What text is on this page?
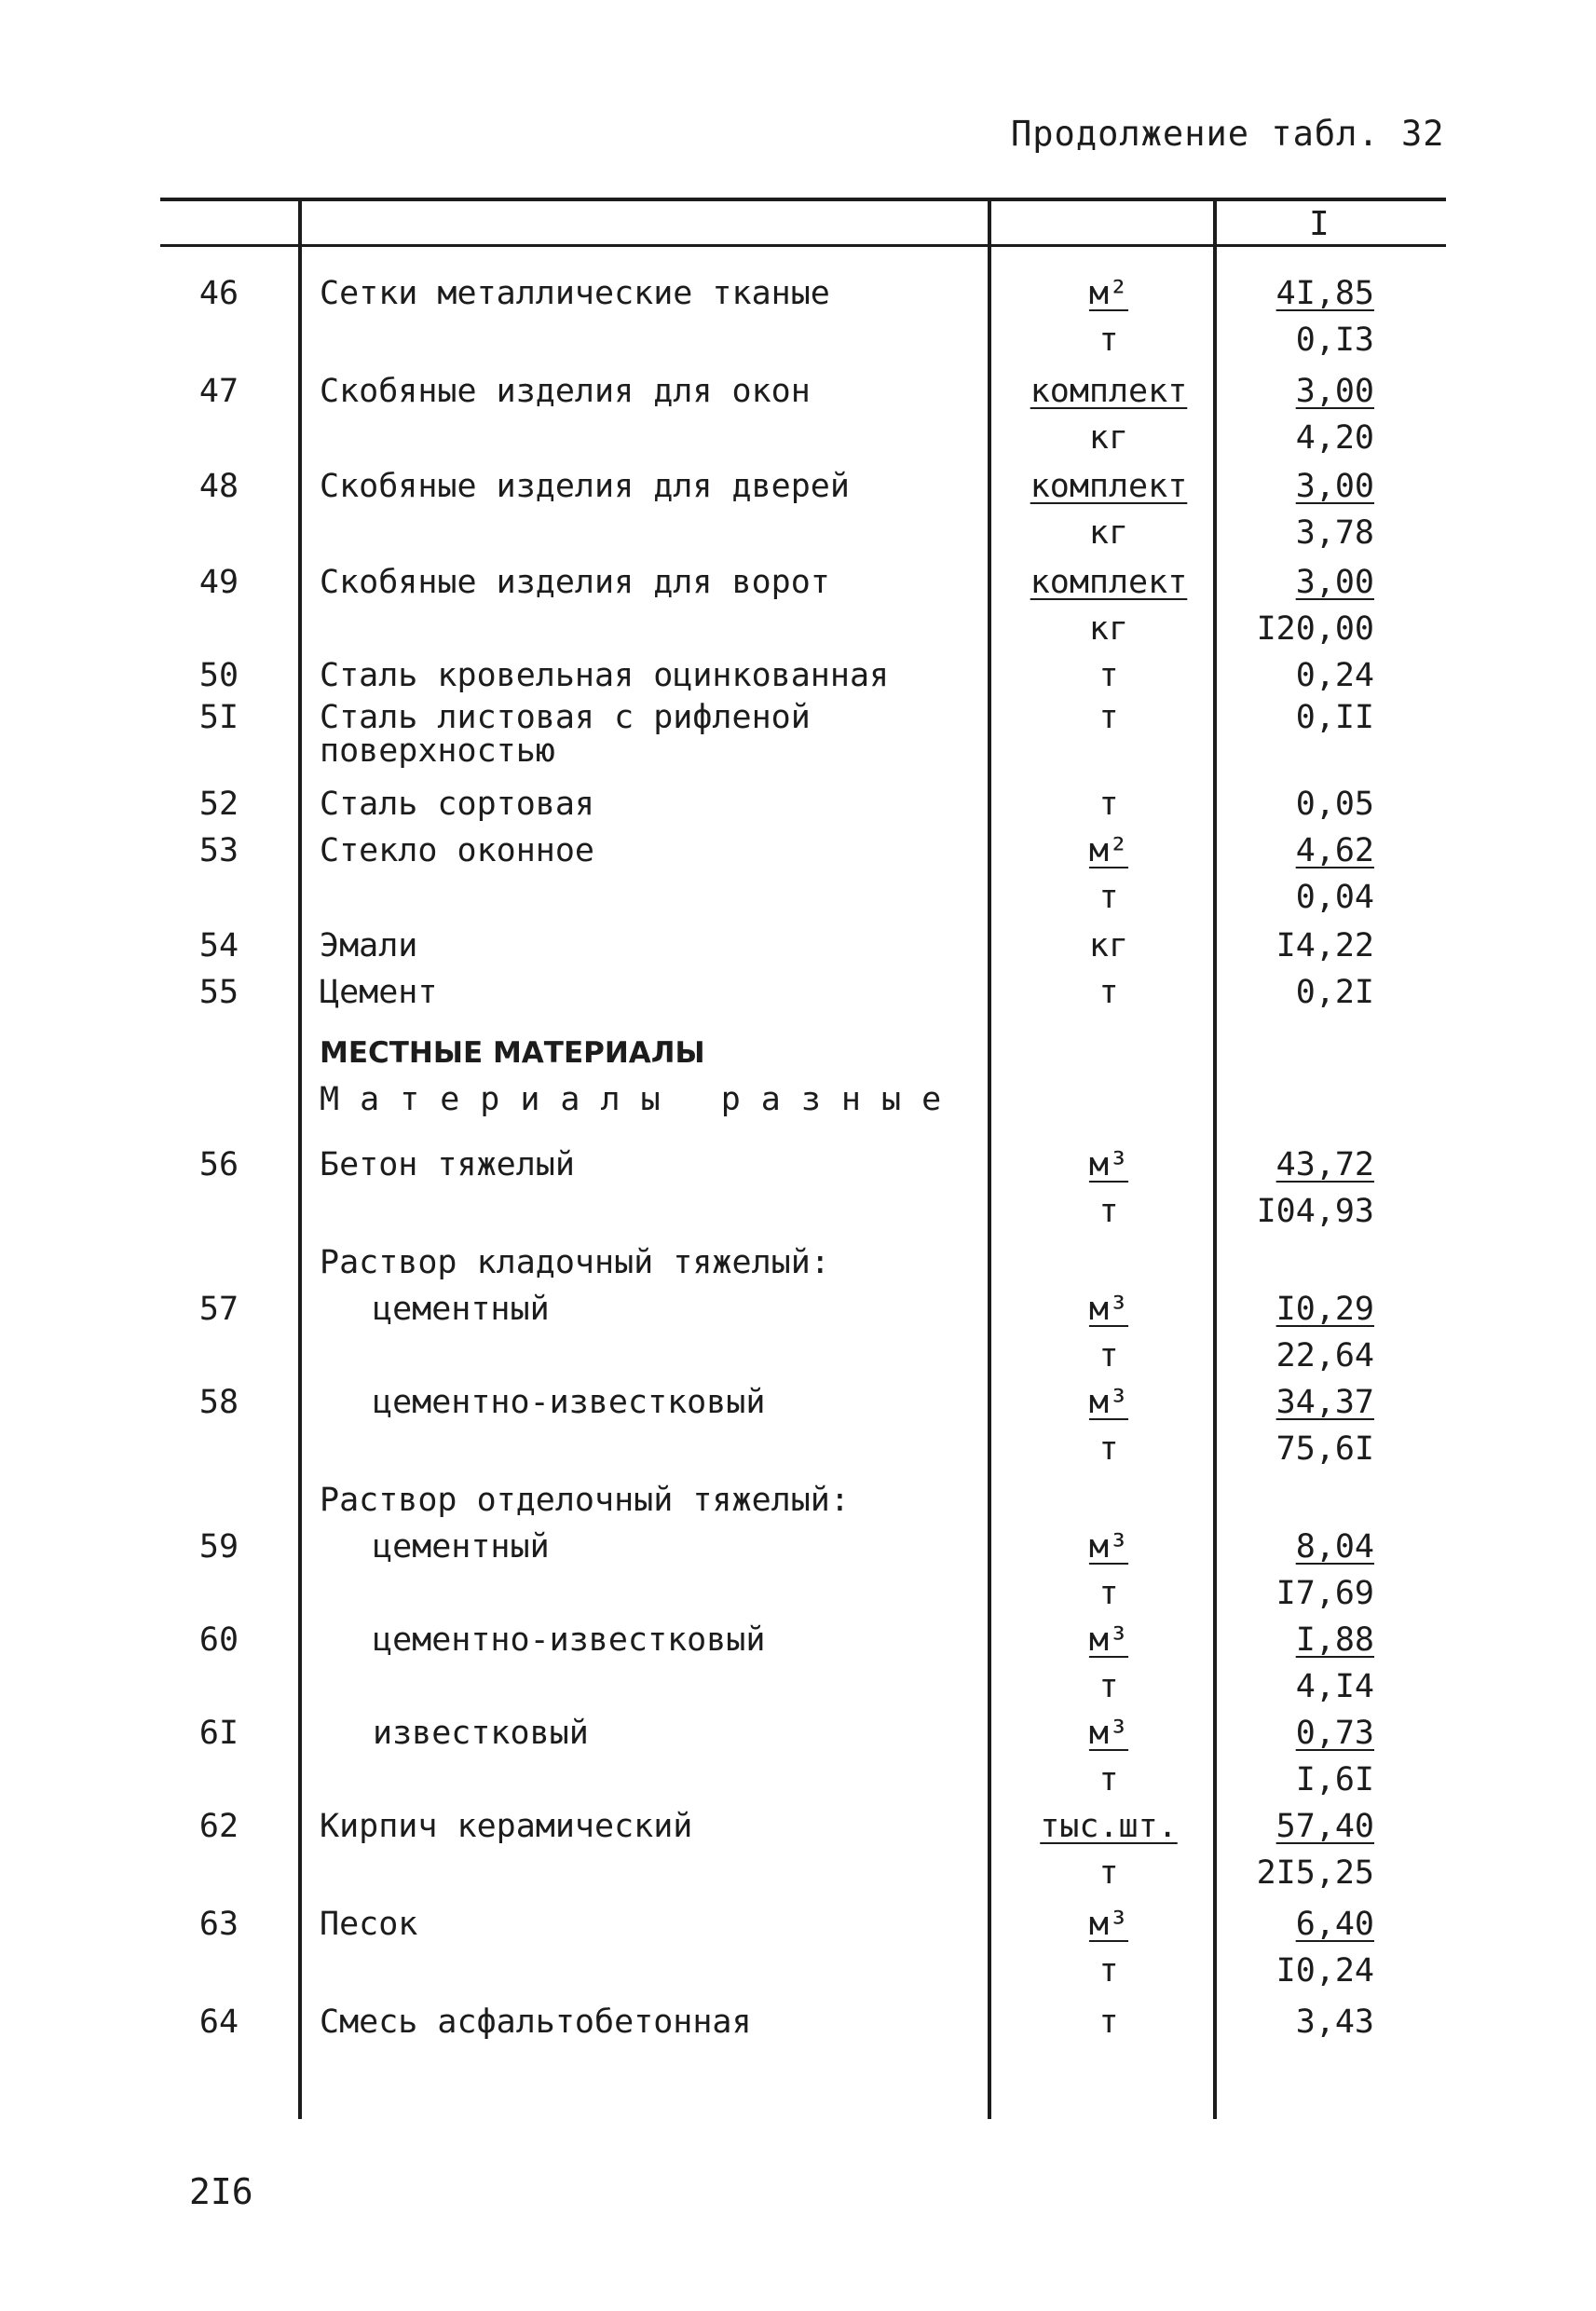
Продолжение табл. 32
I
46	Сетки металлические тканые	м²	4I,85
т	0,I3
47	Скобяные изделия для окон	комплект	3,00
кг	4,20
48	Скобяные изделия для дверей	комплект	3,00
кг	3,78
49	Скобяные изделия для ворот	комплект	3,00
кг	I20,00
50	Сталь кровельная оцинкованная	т	0,24
5I	Сталь листовая с рифленой
поверхностью
т	0,II
52	Сталь сортовая	т	0,05
53	Стекло оконное	м²	4,62
т	0,04
54	Эмали	кг	I4,22
55	Цемент	т	0,2I
МЕСТНЫЕ МАТЕРИАЛЫ
Материалы разные
56	Бетон тяжелый	м³	43,72
т	I04,93
Раствор кладочный тяжелый:
57	цементный	м³	I0,29
т	22,64
58	цементно-известковый	м³	34,37
т	75,6I
Раствор отделочный тяжелый:
59	цементный	м³	8,04
т	I7,69
60	цементно-известковый	м³	I,88
т	4,I4
6I	известковый	м³	0,73
т	I,6I
62	Кирпич керамический	тыс.шт.	57,40
т	2I5,25
63	Песок	м³	6,40
т	I0,24
64	Смесь асфальтобетонная	т	3,43
2I6
